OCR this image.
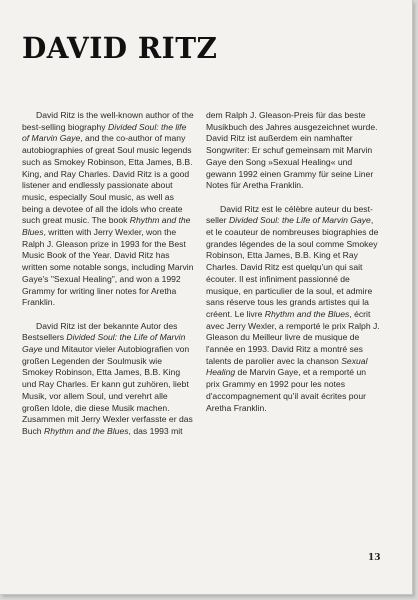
DAVID RITZ

David Ritz is the well-known author of the best-selling biography Divided Soul: the life of Marvin Gaye, and the co-author of many autobiographies of great Soul music legends such as Smokey Robinson, Etta James, B.B. King, and Ray Charles. David Ritz is a good listener and endlessly passionate about music, especially Soul music, as well as being a devotee of all the idols who create such great music. The book Rhythm and the Blues, written with Jerry Wexler, won the Ralph J. Gleason prize in 1993 for the Best Music Book of the Year. David Ritz has written some notable songs, including Marvin Gaye's "Sexual Healing", and won a 1992 Grammy for writing liner notes for Aretha Franklin.

David Ritz ist der bekannte Autor des Bestsellers Divided Soul: the Life of Marvin Gaye und Mitautor vieler Autobiografien von großen Legenden der Soulmusik wie Smokey Robinson, Etta James, B.B. King und Ray Charles. Er kann gut zuhören, liebt Musik, vor allem Soul, und verehrt alle großen Idole, die diese Musik machen. Zusammen mit Jerry Wexler verfasste er das Buch Rhythm and the Blues, das 1993 mit

dem Ralph J. Gleason-Preis für das beste Musikbuch des Jahres ausgezeichnet wurde. David Ritz ist außerdem ein namhafter Songwriter: Er schuf gemeinsam mit Marvin Gaye den Song »Sexual Healing« und gewann 1992 einen Grammy für seine Liner Notes für Aretha Franklin.

David Ritz est le célèbre auteur du best-seller Divided Soul: the Life of Marvin Gaye, et le coauteur de nombreuses biographies de grandes légendes de la soul comme Smokey Robinson, Etta James, B.B. King et Ray Charles. David Ritz est quelqu'un qui sait écouter. Il est infiniment passionné de musique, en particulier de la soul, et admire sans réserve tous les grands artistes qui la créent. Le livre Rhythm and the Blues, écrit avec Jerry Wexler, a remporté le prix Ralph J. Gleason du Meilleur livre de musique de l'année en 1993. David Ritz a montré ses talents de parolier avec la chanson Sexual Healing de Marvin Gaye, et a remporté un prix Grammy en 1992 pour les notes d'accompagnement qu'il avait écrites pour Aretha Franklin.

13
